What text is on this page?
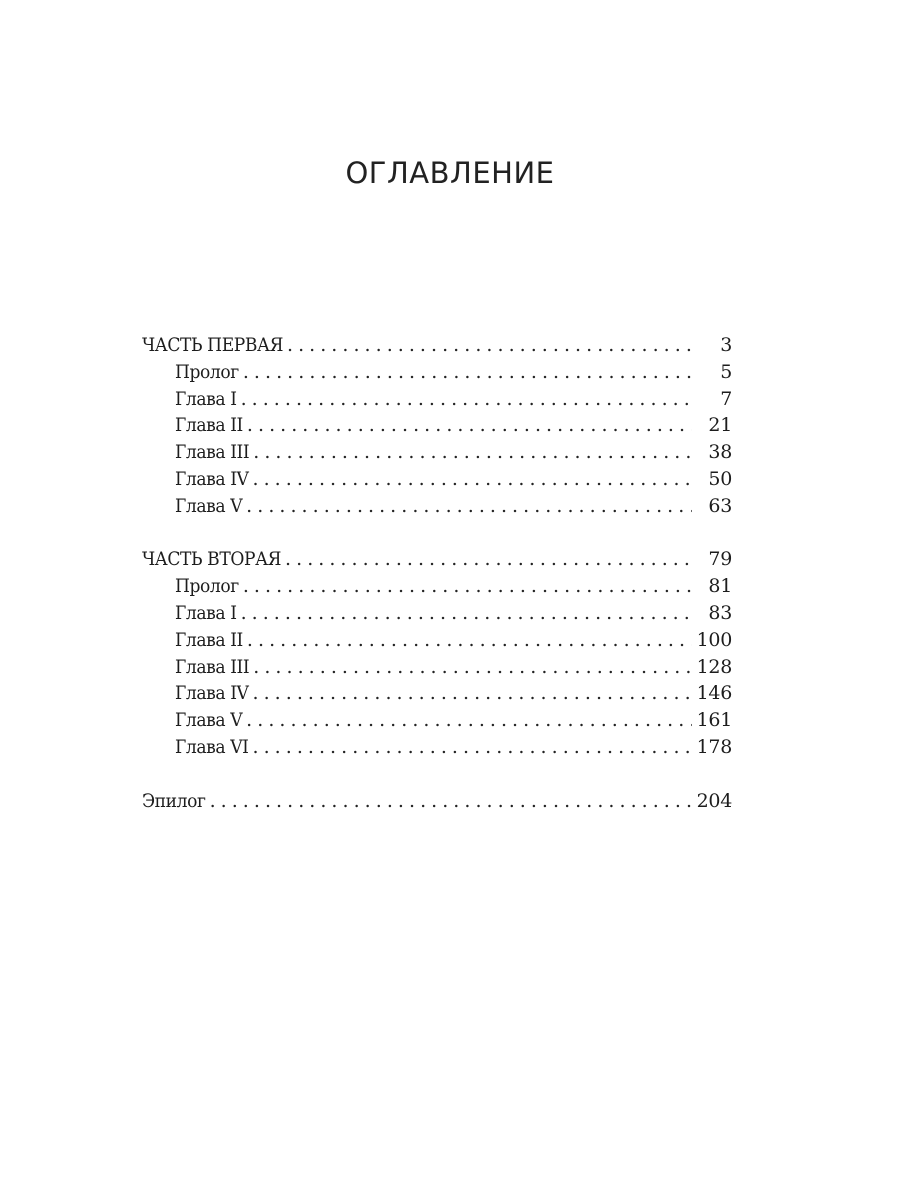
ОГЛАВЛЕНИЕ
ЧАСТЬ ПЕРВАЯ . . .	3
Пролог . . .	5
Глава I . . .	7
Глава II . . .	21
Глава III . . .	38
Глава IV . . .	50
Глава V . . .	63
ЧАСТЬ ВТОРАЯ . . .	79
Пролог . . .	81
Глава I . . .	83
Глава II . . .	100
Глава III . . .	128
Глава IV . . .	146
Глава V . . .	161
Глава VI . . .	178
Эпилог . . .	204
